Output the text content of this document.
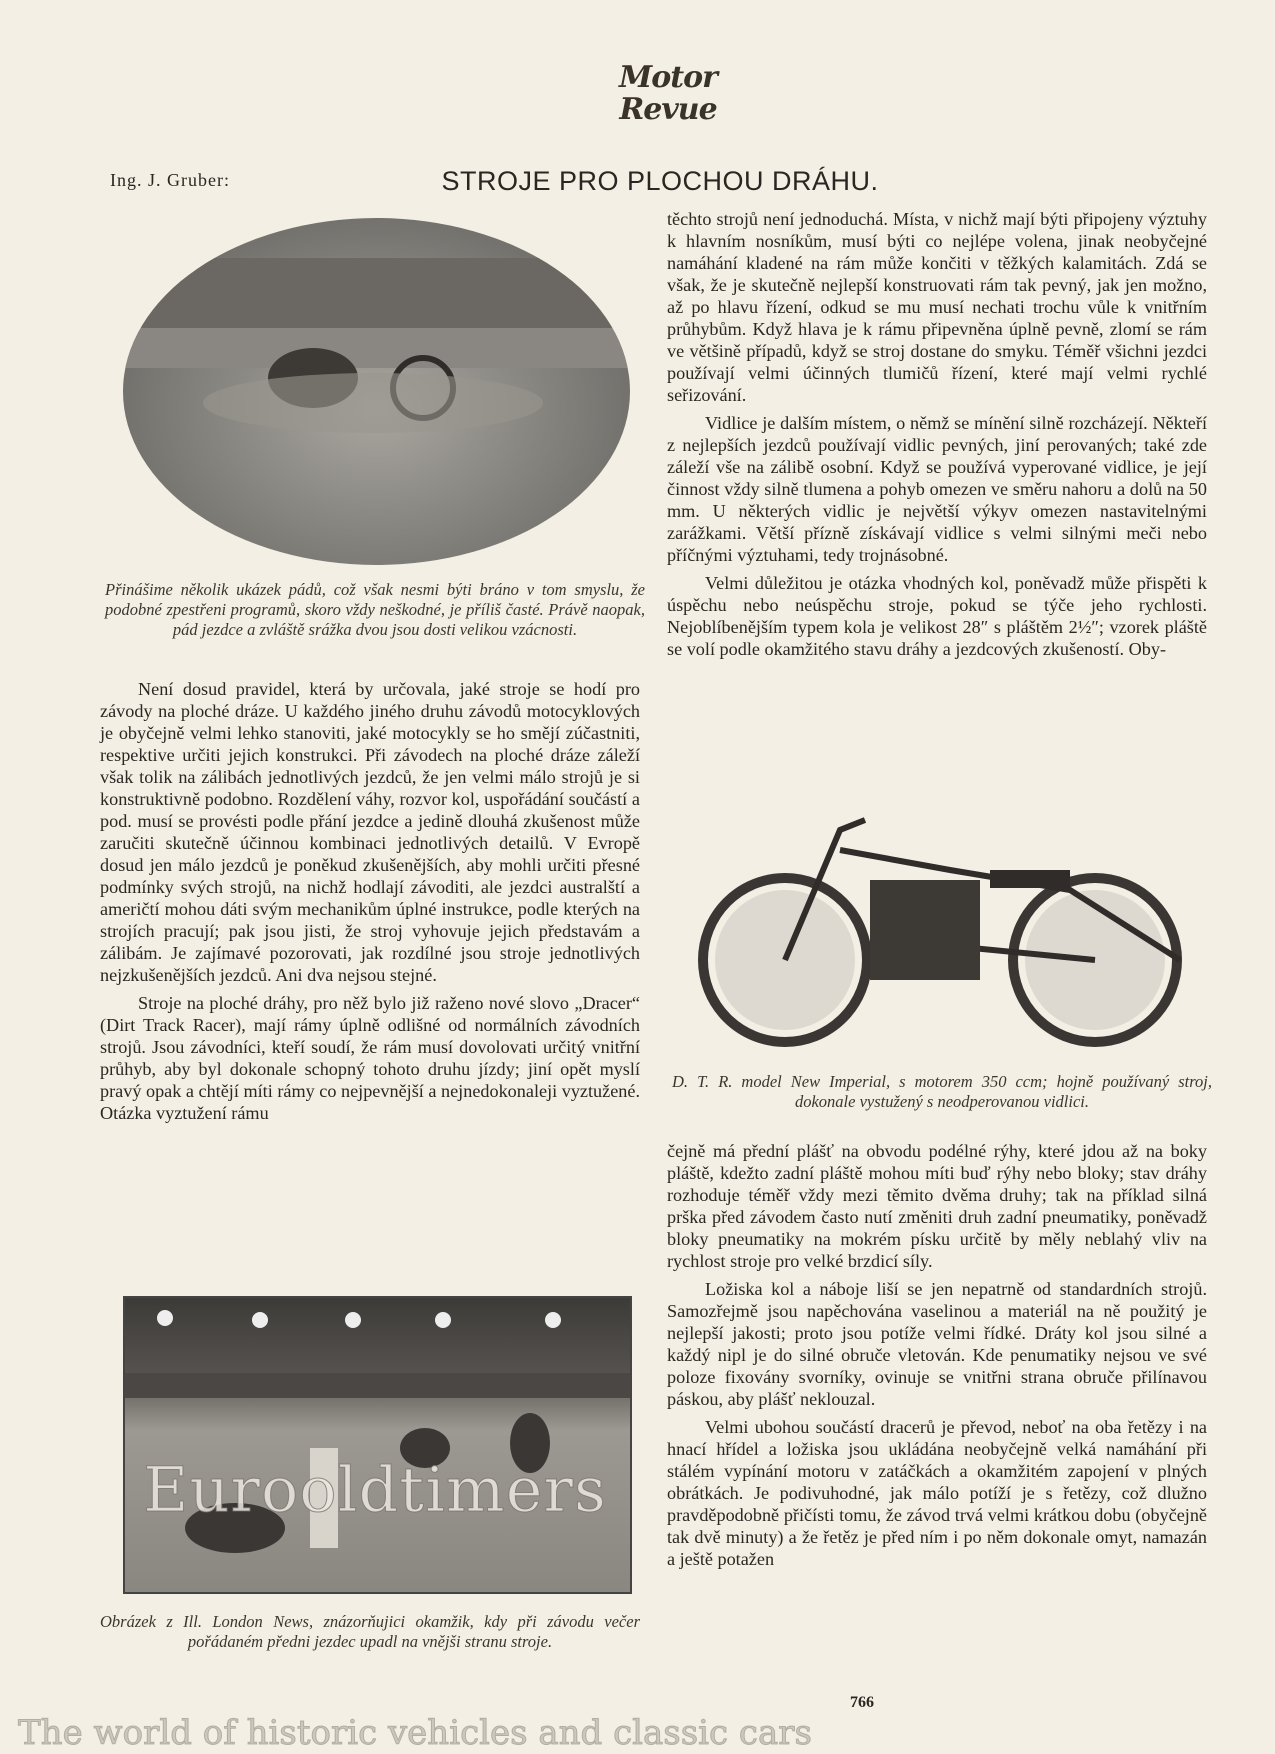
Motor
Revue
Ing. J. Gruber:	STROJE PRO PLOCHOU DRÁHU.
Přinášime několik ukázek pádů, což však nesmi býti bráno v tom smyslu, že podobné zpestřeni programů, skoro vždy neškodné, je příliš časté. Právě naopak, pád jezdce a zvláště srážka dvou jsou dosti velikou vzácnosti.

Není dosud pravidel, která by určovala, jaké stroje se hodí pro závody na ploché dráze. U každého jiného druhu závodů motocyklových je obyčejně velmi lehko stanoviti, jaké motocykly se ho smějí zúčastniti, respektive určiti jejich konstrukci. Při závodech na ploché dráze záleží však tolik na zálibách jednotlivých jezdců, že jen velmi málo strojů je si konstruktivně podobno. Rozdělení váhy, rozvor kol, uspořádání součástí a pod. musí se provésti podle přání jezdce a jedině dlouhá zkušenost může zaručiti skutečně účinnou kombinaci jednotlivých detailů. V Evropě dosud jen málo jezdců je poněkud zkušenějších, aby mohli určiti přesné podmínky svých strojů, na nichž hodlají závoditi, ale jezdci australští a američtí mohou dáti svým mechanikům úplné instrukce, podle kterých na strojích pracují; pak jsou jisti, že stroj vyhovuje jejich představám a zálibám. Je zajímavé pozorovati, jak rozdílné jsou stroje jednotlivých nejzkušenějších jezdců. Ani dva nejsou stejné.

Stroje na ploché dráhy, pro něž bylo již raženo nové slovo „Dracer“ (Dirt Track Racer), mají rámy úplně odlišné od normálních závodních strojů. Jsou závodníci, kteří soudí, že rám musí dovolovati určitý vnitřní průhyb, aby byl dokonale schopný tohoto druhu jízdy; jiní opět myslí pravý opak a chtějí míti rámy co nejpevnější a nejnedokonaleji vyztužené. Otázka vyztužení rámu

Eurooldtimers
Obrázek z Ill. London News, znázorňujici okamžik, kdy při závodu večer pořádaném předni jezdec upadl na vnějši stranu stroje.

těchto strojů není jednoduchá. Místa, v nichž mají býti připojeny výztuhy k hlavním nosníkům, musí býti co nejlépe volena, jinak neobyčejné namáhání kladené na rám může končiti v těžkých kalamitách. Zdá se však, že je skutečně nejlepší konstruovati rám tak pevný, jak jen možno, až po hlavu řízení, odkud se mu musí nechati trochu vůle k vnitřním průhybům. Když hlava je k rámu připevněna úplně pevně, zlomí se rám ve většině případů, když se stroj dostane do smyku. Téměř všichni jezdci používají velmi účinných tlumičů řízení, které mají velmi rychlé seřizování.

Vidlice je dalším místem, o němž se mínění silně rozcházejí. Někteří z nejlepších jezdců používají vidlic pevných, jiní perovaných; také zde záleží vše na zálibě osobní. Když se používá vyperované vidlice, je její činnost vždy silně tlumena a pohyb omezen ve směru nahoru a dolů na 50 mm. U některých vidlic je největší výkyv omezen nastavitelnými zarážkami. Větší přízně získávají vidlice s velmi silnými meči nebo příčnými výztuhami, tedy trojnásobné.

Velmi důležitou je otázka vhodných kol, poněvadž může přispěti k úspěchu nebo neúspěchu stroje, pokud se týče jeho rychlosti. Nejoblíbenějším typem kola je velikost 28″ s pláštěm 2½″; vzorek pláště se volí podle okamžitého stavu dráhy a jezdcových zkušeností. Oby-

D. T. R. model New Imperial, s motorem 350 ccm; hojně používaný stroj, dokonale vystužený s neodperovanou vidlici.

čejně má přední plášť na obvodu podélné rýhy, které jdou až na boky pláště, kdežto zadní pláště mohou míti buď rýhy nebo bloky; stav dráhy rozhoduje téměř vždy mezi těmito dvěma druhy; tak na příklad silná prška před závodem často nutí změniti druh zadní pneumatiky, poněvadž bloky pneumatiky na mokrém písku určitě by měly neblahý vliv na rychlost stroje pro velké brzdicí síly.

Ložiska kol a náboje liší se jen nepatrně od standardních strojů. Samozřejmě jsou napěchována vaselinou a materiál na ně použitý je nejlepší jakosti; proto jsou potíže velmi řídké. Dráty kol jsou silné a každý nipl je do silné obruče vletován. Kde penumatiky nejsou ve své poloze fixovány svorníky, ovinuje se vnitřni strana obruče přilínavou páskou, aby plášť neklouzal.

Velmi ubohou součástí dracerů je převod, neboť na oba řetězy i na hnací hřídel a ložiska jsou ukládána neobyčejně velká namáhání při stálém vypínání motoru v zatáčkách a okamžitém zapojení v plných obrátkách. Je podivuhodné, jak málo potíží je s řetězy, což dlužno pravděpodobně přičísti tomu, že závod trvá velmi krátkou dobu (obyčejně tak dvě minuty) a že řetěz je před ním i po něm dokonale omyt, namazán a ještě potažen

766
The world of historic vehicles and classic cars
